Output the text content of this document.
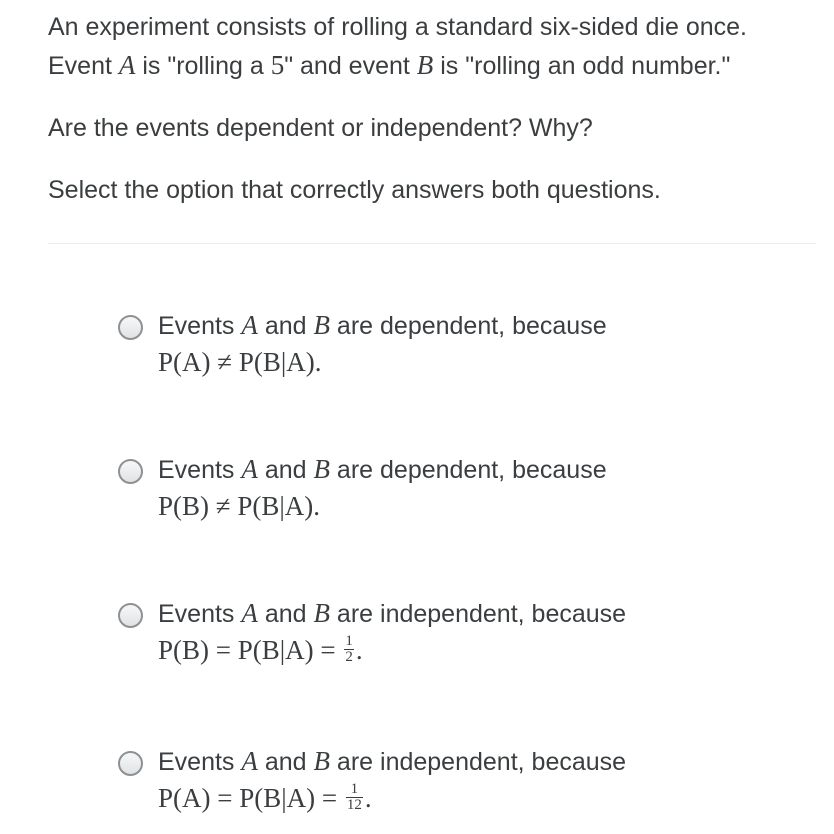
An experiment consists of rolling a standard six-sided die once.

Event A is "rolling a 5" and event B is "rolling an odd number."

Are the events dependent or independent? Why?

Select the option that correctly answers both questions.

Events A and B are dependent, because
P(A) ≠ P(B|A).
Events A and B are dependent, because
P(B) ≠ P(B|A).
Events A and B are independent, because
$P(B) = P(B|A) = \frac{1}{2}$ .
Events A and B are independent, because
$P(A) = P(B|A) = \frac{1}{12}$ .
